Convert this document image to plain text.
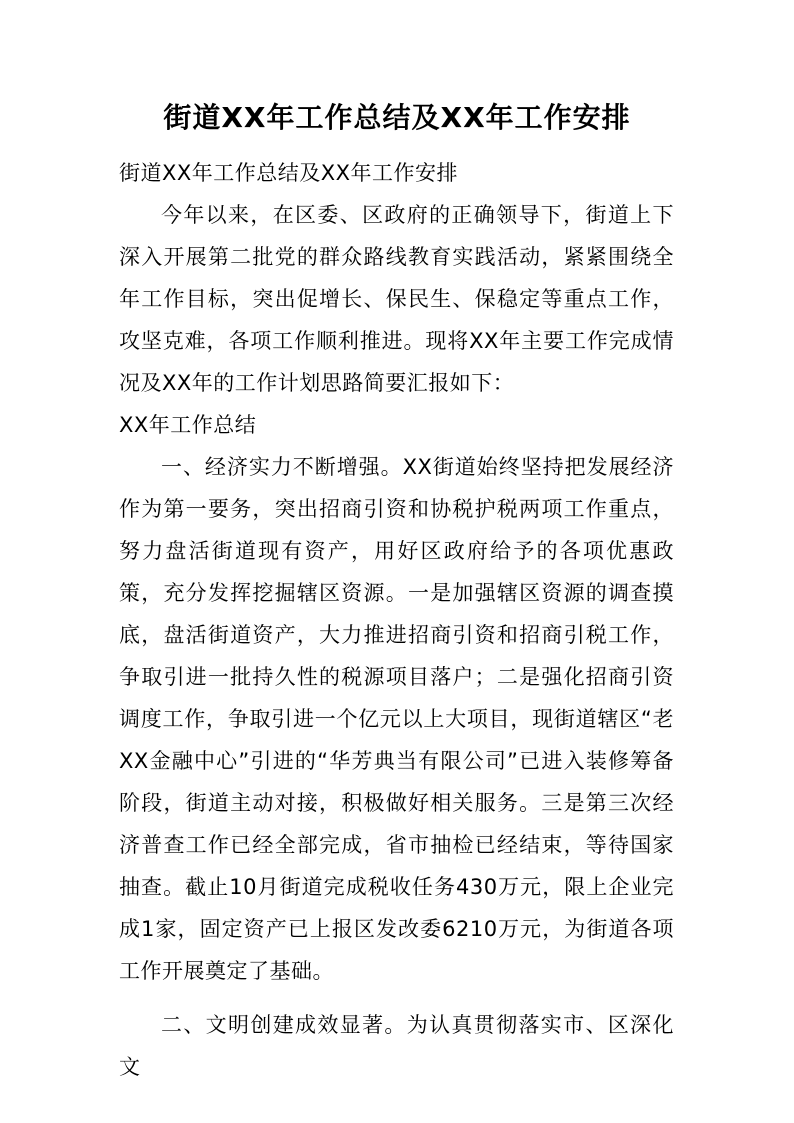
街道XX年工作总结及XX年工作安排

街道XX年工作总结及XX年工作安排

今年以来，在区委、区政府的正确领导下，街道上下深入开展第二批党的群众路线教育实践活动，紧紧围绕全年工作目标，突出促增长、保民生、保稳定等重点工作，攻坚克难，各项工作顺利推进。现将XX年主要工作完成情况及XX年的工作计划思路简要汇报如下：

XX年工作总结

一、经济实力不断增强。XX街道始终坚持把发展经济作为第一要务，突出招商引资和协税护税两项工作重点，努力盘活街道现有资产，用好区政府给予的各项优惠政策，充分发挥挖掘辖区资源。一是加强辖区资源的调查摸底，盘活街道资产，大力推进招商引资和招商引税工作，争取引进一批持久性的税源项目落户；二是强化招商引资调度工作，争取引进一个亿元以上大项目，现街道辖区“老XX金融中心”引进的“华芳典当有限公司”已进入装修筹备阶段，街道主动对接，积极做好相关服务。三是第三次经济普查工作已经全部完成，省市抽检已经结束，等待国家抽查。截止10月街道完成税收任务430万元，限上企业完成1家，固定资产已上报区发改委6210万元，为街道各项工作开展奠定了基础。

二、文明创建成效显著。为认真贯彻落实市、区深化文
